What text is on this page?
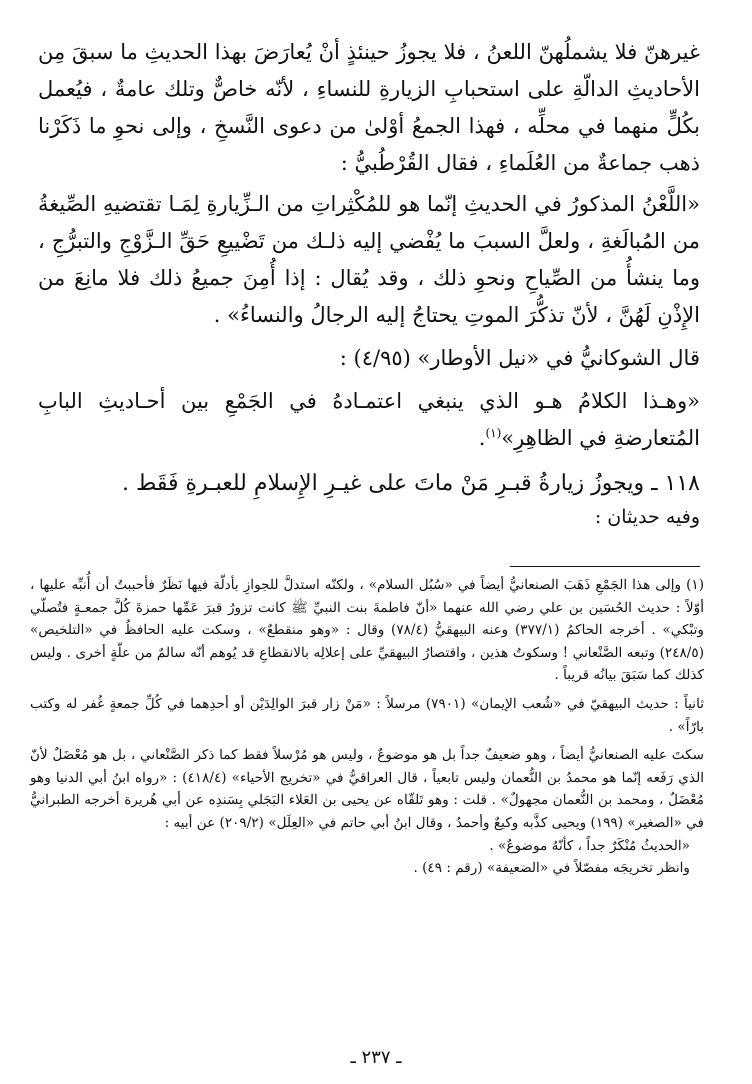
غيرهنّ فلا يشملُهنّ اللعنُ ، فلا يجوزُ حينئذٍ أنْ يُعارَضَ بهذا الحديثِ ما سبقَ مِن الأحاديثِ الدالّةِ على استحبابِ الزيارةِ للنساءِ ، لأنّه خاصٌّ وتلك عامةٌ ، فيُعمل بكُلٍّ منهما في محلِّه ، فهذا الجمعُ أوْلىٰ من دعوى النَّسخِ ، وإلى نحوِ ما ذَكَرْنا ذهب جماعةٌ من العُلَماءِ ، فقال القُرْطُبيُّ :

«اللَّعْنُ المذكورُ في الحديثِ إنّما هو للمُكْثِراتِ من الـزِّيارةِ لِمَـا تقتضيهِ الصِّيغةُ من المُبالَغةِ ، ولعلَّ السببَ ما يُفْضي إليه ذلـك من تَضْييعِ حَقِّ الـزَّوْجِ والتبرُّجِ ، وما ينشأُ من الصِّياحِ ونحوِ ذلك ، وقد يُقال : إذا أُمِنَ جميعُ ذلك فلا مانِعَ من الإِذْنِ لَهُنَّ ، لأنّ تذكُّرَ الموتِ يحتاجُ إليه الرجالُ والنساءُ» .

قال الشوكانيُّ في «نيل الأوطار» (٤/٩٥) :

«وهـذا الكلامُ هـو الذي ينبغي اعتمـادهُ في الجَمْعِ بين أحـاديثِ البابِ المُتعارضةِ في الظاهِرِ»$^{(١)}$.

١١٨ ـ ويجوزُ زيارةُ قبـرِ مَنْ ماتَ على غيـرِ الإِسلامِ للعبـرةِ فَقَط .

وفيه حديثان :

(١) وإلى هذا الجَمْعِ ذَهَبَ الصنعانيُّ أيضاً في «سُبُل السلام» ، ولكنّه استدلَّ للجوازِ بأدلّة فيها نَظَرٌ فأحببتُ أن أُنبِّه عليها ، أوّلاً : حديث الحُسَين بن علي رضي الله عنهما «أنّ فاطمةَ بنت النبيِّ ﷺ كانت تزورُ قبرَ عَمِّها حمزةَ كُلَّ جمعـةٍ فتُصلّي وتبْكي» . أخرجه الحاكمُ (٣٧٧/١) وعنه البيهقيُّ (٧٨/٤) وقال : «وهو منقطعٌ» ، وسكت عليه الحافظُ في «التلخيص» (٢٤٨/٥) وتبعه الصَّنْعاني ! وسكوتُ هذين ، واقتصارُ البيهقيِّ على إعلالِه بالانقطاعِ قد يُوهم أنّه سالمٌ من علّةٍ أخرى . وليس كذلك كما سَبَقَ بيانُه قريباً .

ثانياً : حديث البيهقيّ في «شُعب الإيمان» (٧٩٠١) مرسلاً : «مَنْ زار قبرَ الوالِدَيْن أو أحدِهما في كُلِّ جمعةٍ غُفر له وكتب بارّاً» .

سكتَ عليه الصنعانيُّ أيضاً ، وهو ضعيفٌ جداً بل هو موضوعٌ ، وليس هو مُرْسلاً فقط كما ذكر الصَّنْعاني ، بل هو مُعْضَلٌ لأنّ الذي رَفَعه إنّما هو محمدُ بن النُّعمان وليس تابعياً ، قال العراقيُّ في «تخريج الأحياء» (٤١٨/٤) : «رواه ابنُ أبي الدنيا وهو مُعْضَلٌ ، ومحمد بن النُّعمان مجهولٌ» . قلت : وهو تَلقّاه عن يحيى بن العَلاء البَجَلي بِسَندِه عن أبي هُريرة أخرجه الطبرانيُّ في «الصغير» (١٩٩) ويحيى كذَّبه وكيعٌ وأحمدُ ، وقال ابنُ أبي حاتم في «العِلَل» (٢٠٩/٢) عن أبيه :

«الحديثُ مُنْكَرٌ جداً ، كأنّهُ موضوعٌ» .

وانظر تخريجَه مفصّلاً في «الضعيفة» (رقم : ٤٩) .

ـ ٢٣٧ ـ
